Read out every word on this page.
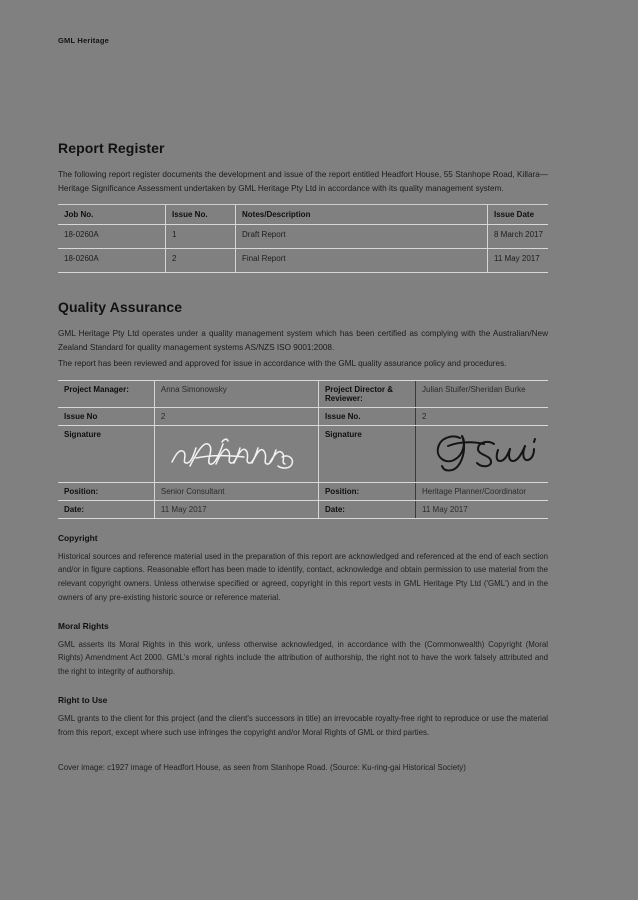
GML Heritage
Report Register

The following report register documents the development and issue of the report entitled Headfort House, 55 Stanhope Road, Killara—Heritage Significance Assessment undertaken by GML Heritage Pty Ltd in accordance with its quality management system.

Job No.	Issue No.	Notes/Description	Issue Date
18-0260A	1	Draft Report	8 March 2017
18-0260A	2	Final Report	11 May 2017
Quality Assurance

GML Heritage Pty Ltd operates under a quality management system which has been certified as complying with the Australian/New Zealand Standard for quality management systems AS/NZS ISO 9001:2008.

The report has been reviewed and approved for issue in accordance with the GML quality assurance policy and procedures.

Project Manager:	Anna Simonowsky	Project Director & Reviewer:	Julian Stuifer/Sheridan Burke
Issue No	2	Issue No.	2
Signature		Signature	

Position:	Senior Consultant	Position:	Heritage Planner/Coordinator
Date:	11 May 2017	Date:	11 May 2017
Copyright

Historical sources and reference material used in the preparation of this report are acknowledged and referenced at the end of each section and/or in figure captions. Reasonable effort has been made to identify, contact, acknowledge and obtain permission to use material from the relevant copyright owners. Unless otherwise specified or agreed, copyright in this report vests in GML Heritage Pty Ltd ('GML') and in the owners of any pre-existing historic source or reference material.

Moral Rights

GML asserts its Moral Rights in this work, unless otherwise acknowledged, in accordance with the (Commonwealth) Copyright (Moral Rights) Amendment Act 2000. GML's moral rights include the attribution of authorship, the right not to have the work falsely attributed and the right to integrity of authorship.

Right to Use

GML grants to the client for this project (and the client's successors in title) an irrevocable royalty-free right to reproduce or use the material from this report, except where such use infringes the copyright and/or Moral Rights of GML or third parties.

Cover image: c1927 image of Headfort House, as seen from Stanhope Road. (Source: Ku-ring-gai Historical Society)
